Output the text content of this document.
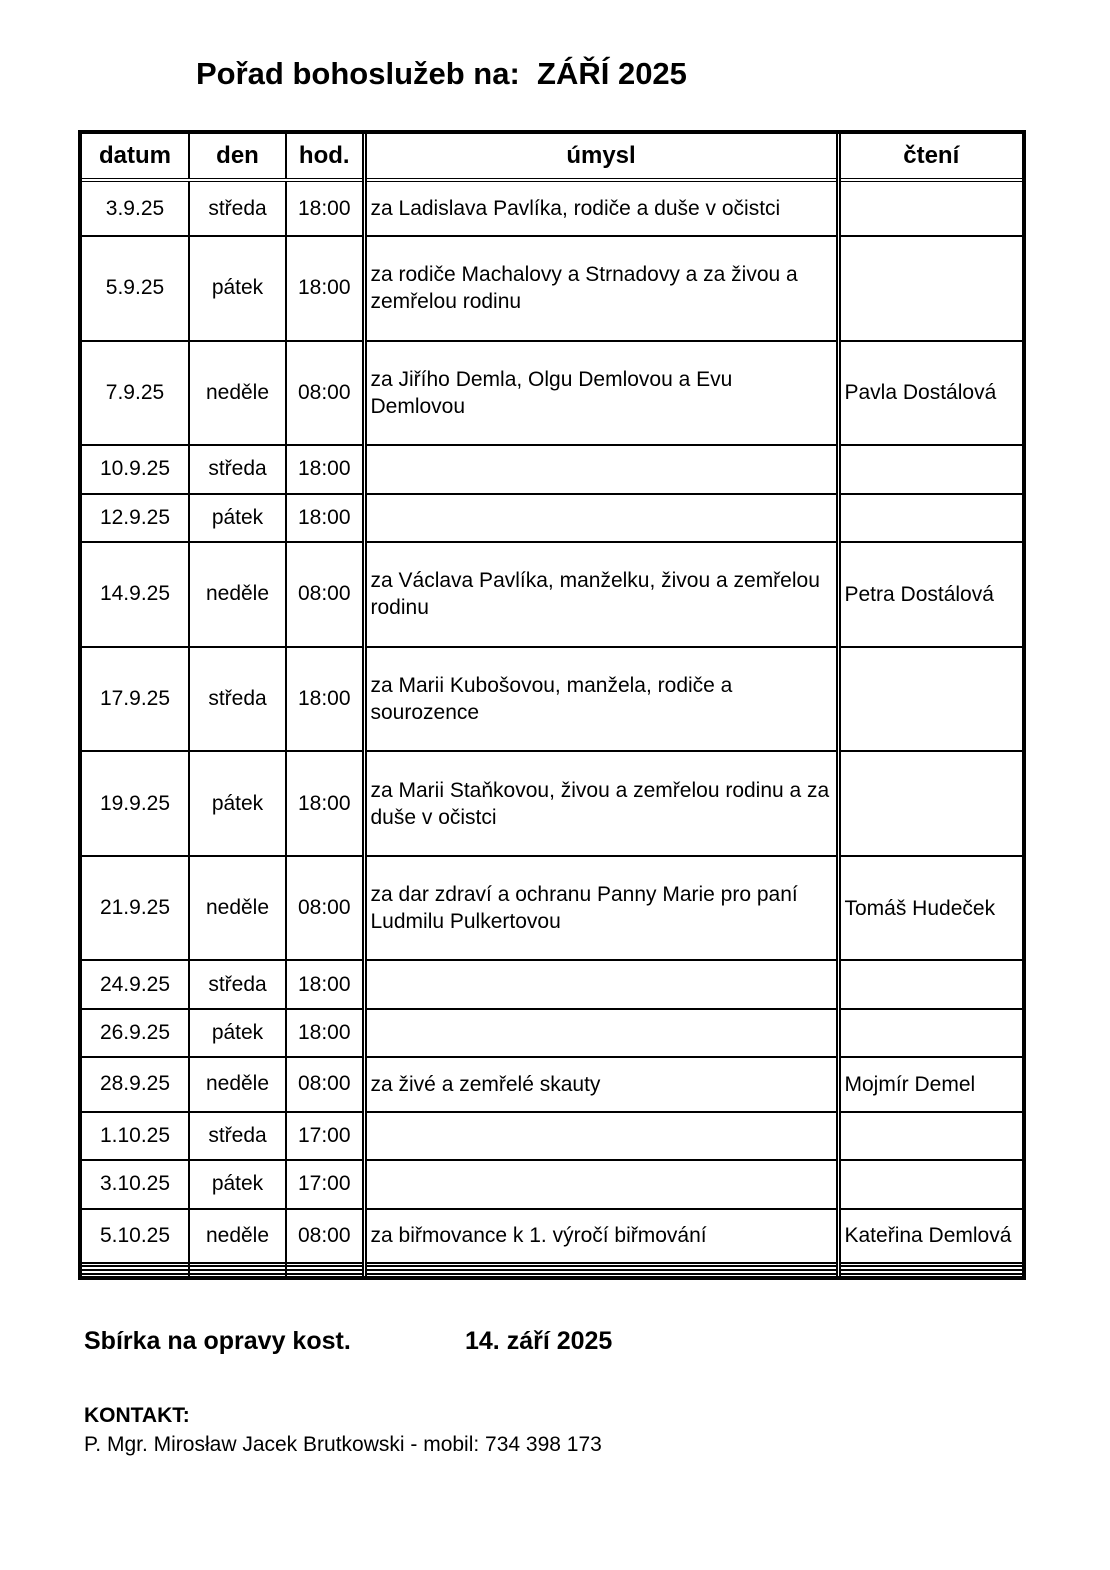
Pořad bohoslužeb na:  ZÁŘÍ 2025
datum	den	hod.	úmysl	čtení
3.9.25	středa	18:00	za Ladislava Pavlíka, rodiče a duše v očistci	
5.9.25	pátek	18:00	za rodiče Machalovy a Strnadovy a za živou a zemřelou rodinu	
7.9.25	neděle	08:00	za Jiřího Demla, Olgu Demlovou a Evu Demlovou	Pavla Dostálová
10.9.25	středa	18:00		
12.9.25	pátek	18:00		
14.9.25	neděle	08:00	za Václava Pavlíka, manželku, živou a zemřelou rodinu	Petra Dostálová
17.9.25	středa	18:00	za Marii Kubošovou, manžela, rodiče a sourozence	
19.9.25	pátek	18:00	za Marii Staňkovou, živou a zemřelou rodinu a za duše v očistci	
21.9.25	neděle	08:00	za dar zdraví a ochranu Panny Marie pro paní Ludmilu Pulkertovou	Tomáš Hudeček
24.9.25	středa	18:00		
26.9.25	pátek	18:00		
28.9.25	neděle	08:00	za živé a zemřelé skauty	Mojmír Demel
1.10.25	středa	17:00		
3.10.25	pátek	17:00		
5.10.25	neděle	08:00	za biřmovance k 1. výročí biřmování	Kateřina Demlová

Sbírka na opravy kost.	14. září 2025
KONTAKT:
P. Mgr. Mirosław Jacek Brutkowski - mobil: 734 398 173
